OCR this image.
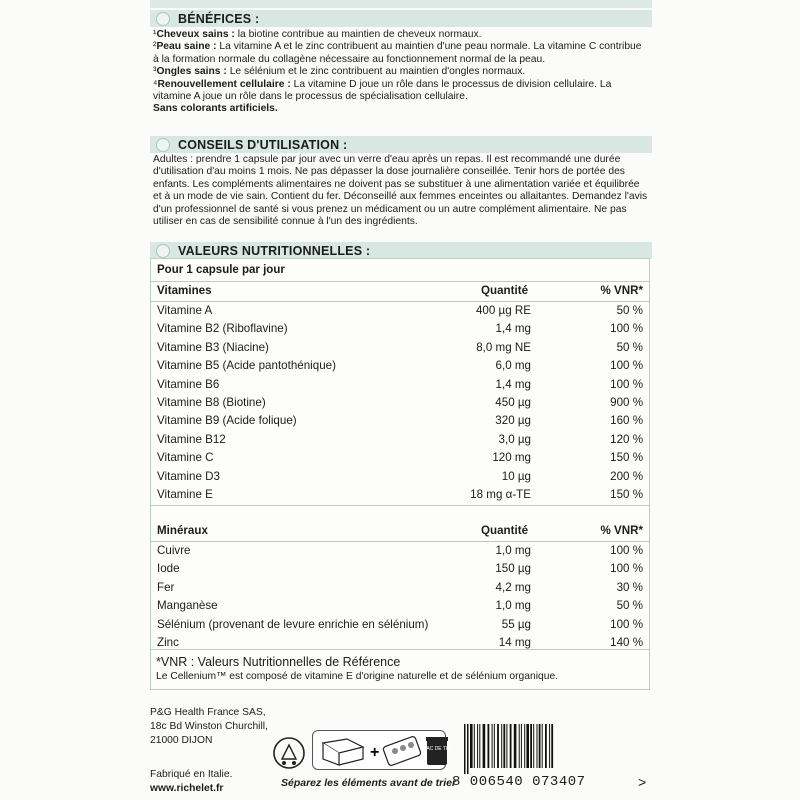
BÉNÉFICES :

¹Cheveux sains : la biotine contribue au maintien de cheveux normaux.

²Peau saine : La vitamine A et le zinc contribuent au maintien d'une peau normale. La vitamine C contribue à la formation normale du collagène nécessaire au fonctionnement normal de la peau.

³Ongles sains : Le sélénium et le zinc contribuent au maintien d'ongles normaux.

⁴Renouvellement cellulaire : La vitamine D joue un rôle dans le processus de division cellulaire. La vitamine A joue un rôle dans le processus de spécialisation cellulaire.

Sans colorants artificiels.

CONSEILS D'UTILISATION :

Adultes : prendre 1 capsule par jour avec un verre d'eau après un repas. Il est recommandé une durée d'utilisation d'au moins 1 mois. Ne pas dépasser la dose journalière conseillée. Tenir hors de portée des enfants. Les compléments alimentaires ne doivent pas se substituer à une alimentation variée et équilibrée et à un mode de vie sain. Contient du fer. Déconseillé aux femmes enceintes ou allaitantes. Demandez l'avis d'un professionnel de santé si vous prenez un médicament ou un autre complément alimentaire. Ne pas utiliser en cas de sensibilité connue à l'un des ingrédients.

VALEURS NUTRITIONNELLES :
Pour 1 capsule par jour
Vitamines	Quantité	% VNR*
Vitamine A	400 µg RE	50 %
Vitamine B2 (Riboflavine)	1,4 mg	100 %
Vitamine B3 (Niacine)	8,0 mg NE	50 %
Vitamine B5 (Acide pantothénique)	6,0 mg	100 %
Vitamine B6	1,4 mg	100 %
Vitamine B8 (Biotine)	450 µg	900 %
Vitamine B9 (Acide folique)	320 µg	160 %
Vitamine B12	3,0 µg	120 %
Vitamine C	120 mg	150 %
Vitamine D3	10 µg	200 %
Vitamine E	18 mg α-TE	150 %
Minéraux	Quantité	% VNR*
Cuivre	1,0 mg	100 %
Iode	150 µg	100 %
Fer	4,2 mg	30 %
Manganèse	1,0 mg	50 %
Sélénium (provenant de levure enrichie en sélénium)	55 µg	100 %
Zinc	14 mg	140 %
*VNR : Valeurs Nutritionnelles de Référence
Le Cellenium™ est composé de vitamine E d'origine naturelle et de sélénium organique.
P&G Health France SAS,
18c Bd Winston Churchill,
21000 DIJON
Fabriqué en Italie.
www.richelet.fr
+	BAC DE TRI
Séparez les éléments avant de trier
8 006540 073407	>
